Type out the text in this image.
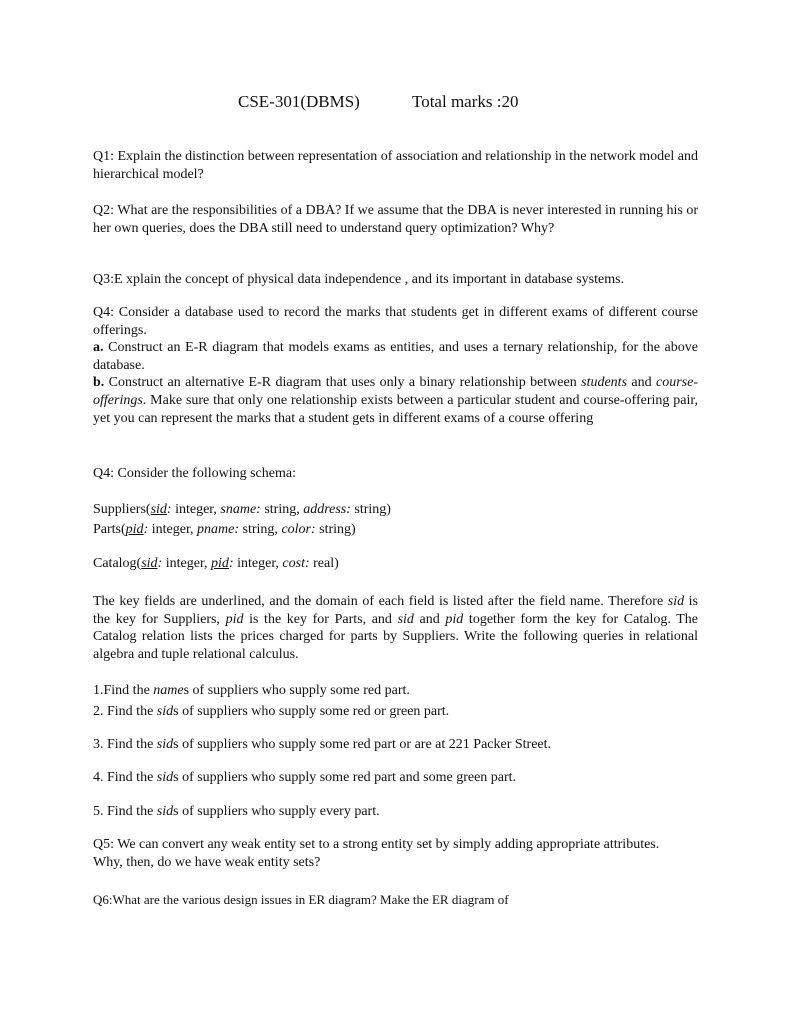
CSE-301(DBMS)	Total marks :20
Q1: Explain the distinction between representation of association and relationship in the network model and hierarchical model?
Q2: What are the responsibilities of a DBA? If we assume that the DBA is never interested in running his or her own queries, does the DBA still need to understand query optimization? Why?
Q3:E xplain the concept of physical data independence , and its important in database systems.
Q4: Consider a database used to record the marks that students get in different exams of different course offerings.
a. Construct an E-R diagram that models exams as entities, and uses a ternary relationship, for the above database.
b. Construct an alternative E-R diagram that uses only a binary relationship between students and course-offerings. Make sure that only one relationship exists between a particular student and course-offering pair, yet you can represent the marks that a student gets in different exams of a course offering
Q4: Consider the following schema:
Suppliers(sid: integer, sname: string, address: string)
Parts(pid: integer, pname: string, color: string)
Catalog(sid: integer, pid: integer, cost: real)
The key fields are underlined, and the domain of each field is listed after the field name. Therefore sid is the key for Suppliers, pid is the key for Parts, and sid and pid together form the key for Catalog. The Catalog relation lists the prices charged for parts by Suppliers. Write the following queries in relational algebra and tuple relational calculus.
1.Find the names of suppliers who supply some red part.
2. Find the sids of suppliers who supply some red or green part.
3. Find the sids of suppliers who supply some red part or are at 221 Packer Street.
4. Find the sids of suppliers who supply some red part and some green part.
5. Find the sids of suppliers who supply every part.
Q5: We can convert any weak entity set to a strong entity set by simply adding appropriate attributes. Why, then, do we have weak entity sets?
Q6:What are the various design issues in ER diagram? Make the ER diagram of
